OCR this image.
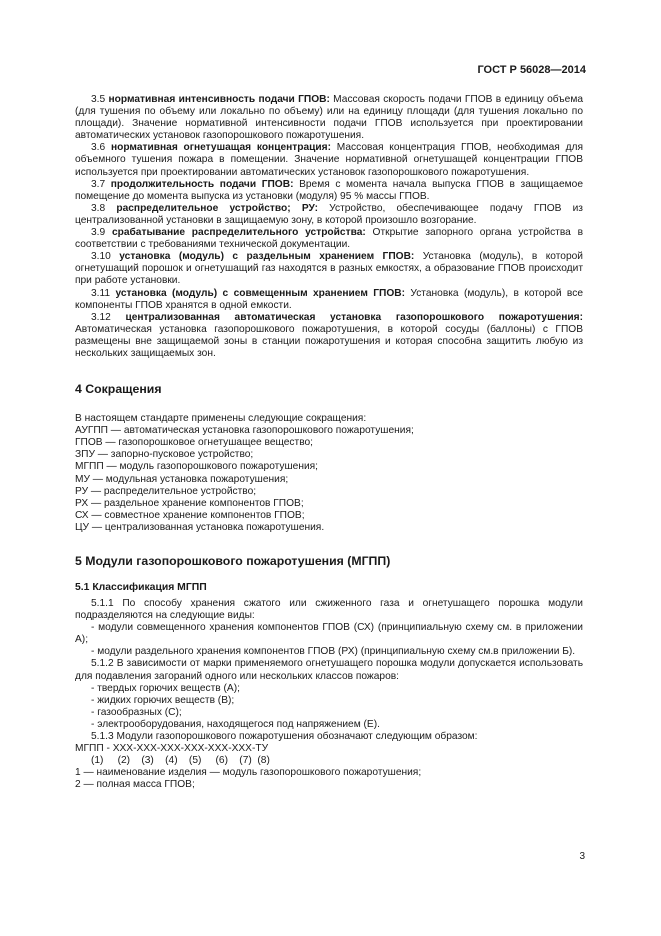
ГОСТ Р 56028—2014

3.5 нормативная интенсивность подачи ГПОВ: Массовая скорость подачи ГПОВ в единицу объема (для тушения по объему или локально по объему) или на единицу площади (для тушения локально по площади). Значение нормативной интенсивности подачи ГПОВ используется при проектировании автоматических установок газопорошкового пожаротушения.

3.6 нормативная огнетушащая концентрация: Массовая концентрация ГПОВ, необходимая для объемного тушения пожара в помещении. Значение нормативной огнетушащей концентрации ГПОВ используется при проектировании автоматических установок газопорошкового пожаротушения.

3.7 продолжительность подачи ГПОВ: Время с момента начала выпуска ГПОВ в защищаемое помещение до момента выпуска из установки (модуля) 95 % массы ГПОВ.

3.8 распределительное устройство; РУ: Устройство, обеспечивающее подачу ГПОВ из централизованной установки в защищаемую зону, в которой произошло возгорание.

3.9 срабатывание распределительного устройства: Открытие запорного органа устройства в соответствии с требованиями технической документации.

3.10 установка (модуль) с раздельным хранением ГПОВ: Установка (модуль), в которой огнетушащий порошок и огнетушащий газ находятся в разных емкостях, а образование ГПОВ происходит при работе установки.

3.11 установка (модуль) с совмещенным хранением ГПОВ: Установка (модуль), в которой все компоненты ГПОВ хранятся в одной емкости.

3.12 централизованная автоматическая установка газопорошкового пожаротушения: Автоматическая установка газопорошкового пожаротушения, в которой сосуды (баллоны) с ГПОВ размещены вне защищаемой зоны в станции пожаротушения и которая способна защитить любую из нескольких защищаемых зон.

4 Сокращения

В настоящем стандарте применены следующие сокращения:

АУГПП — автоматическая установка газопорошкового пожаротушения;

ГПОВ — газопорошковое огнетушащее вещество;

ЗПУ — запорно-пусковое устройство;

МГПП — модуль газопорошкового пожаротушения;

МУ — модульная установка пожаротушения;

РУ — распределительное устройство;

РХ — раздельное хранение компонентов ГПОВ;

СХ — совместное хранение компонентов ГПОВ;

ЦУ — централизованная установка пожаротушения.

5 Модули газопорошкового пожаротушения (МГПП)
5.1 Классификация МГПП

5.1.1 По способу хранения сжатого или сжиженного газа и огнетушащего порошка модули подразделяются на следующие виды:

- модули совмещенного хранения компонентов ГПОВ (СХ) (принципиальную схему см. в приложении А);

- модули раздельного хранения компонентов ГПОВ (РХ) (принципиальную схему см.в приложении Б).

5.1.2 В зависимости от марки применяемого огнетушащего порошка модули допускается использовать для подавления загораний одного или нескольких классов пожаров:

- твердых горючих веществ (А);

- жидких горючих веществ (В);

- газообразных (С);

- электрооборудования, находящегося под напряжением (Е).

5.1.3 Модули газопорошкового пожаротушения обозначают следующим образом:

МГПП - ХХХ-ХХХ-ХХХ-ХХХ-ХХХ-ХХХ-ТУ

(1)     (2)    (3)    (4)    (5)     (6)    (7)  (8)

1 — наименование изделия — модуль газопорошкового пожаротушения;

2 — полная масса ГПОВ;

3
